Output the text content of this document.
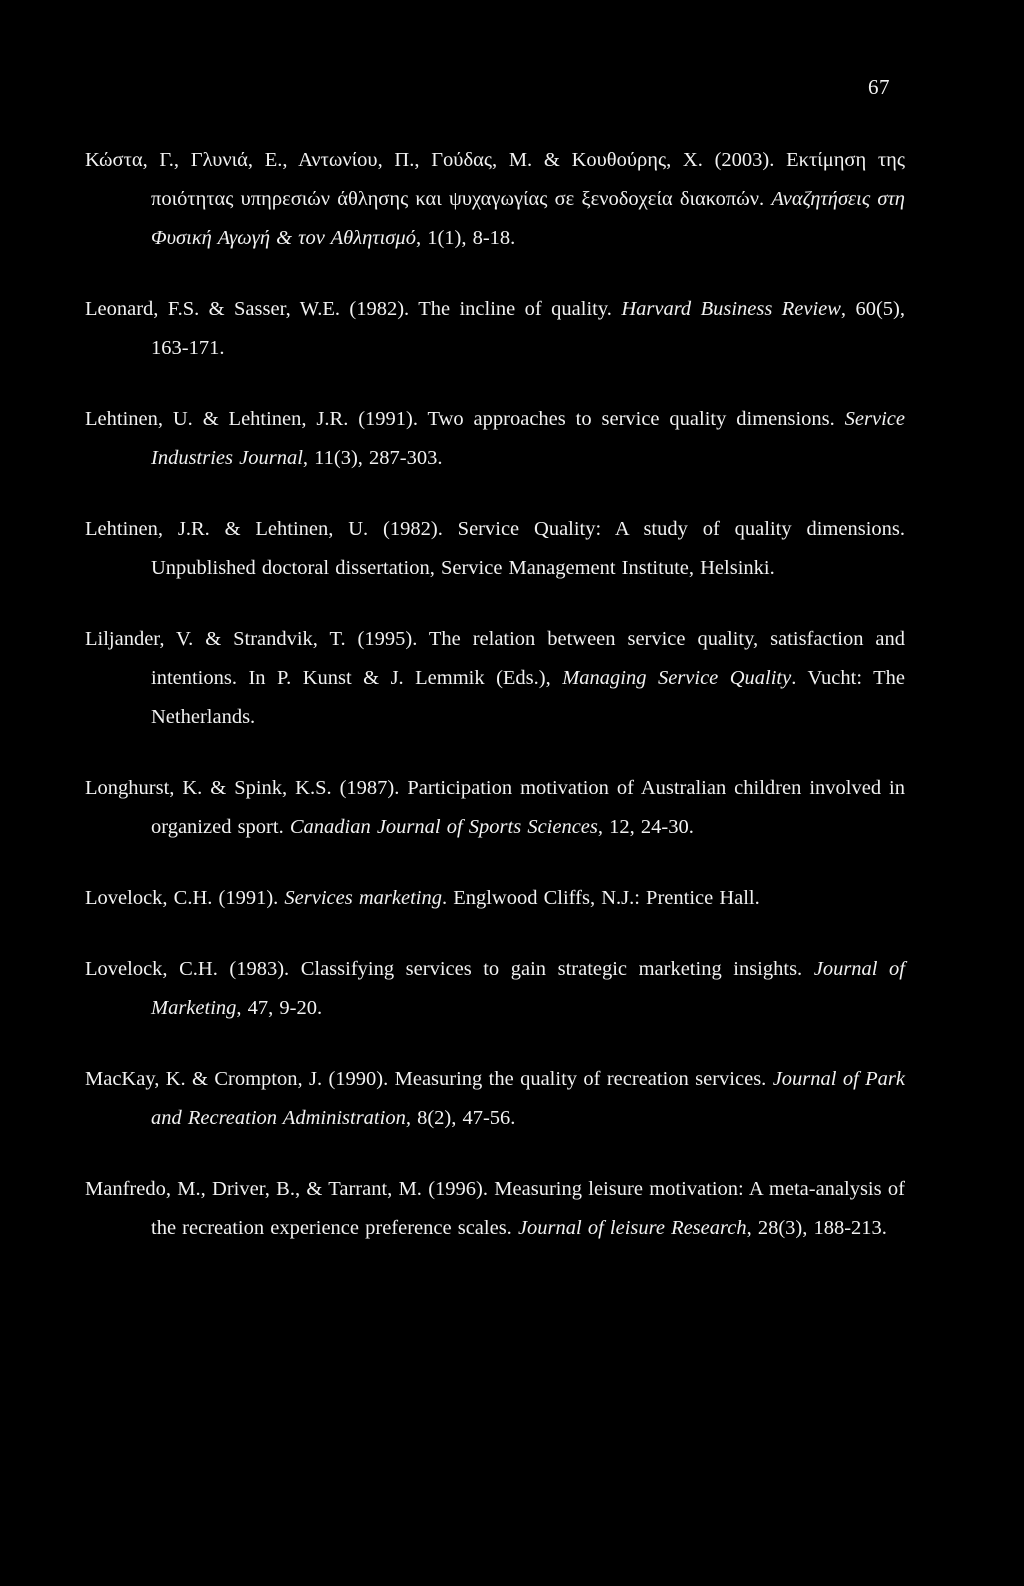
67

Κώστα, Γ., Γλυνιά, Ε., Αντωνίου, Π., Γούδας, Μ. & Κουθούρης, Χ. (2003). Εκτίμηση της ποιότητας υπηρεσιών άθλησης και ψυχαγωγίας σε ξενοδοχεία διακοπών. Αναζητήσεις στη Φυσική Αγωγή & τον Αθλητισμό, 1(1), 8-18.

Leonard, F.S. & Sasser, W.E. (1982). The incline of quality. Harvard Business Review, 60(5), 163-171.

Lehtinen, U. & Lehtinen, J.R. (1991). Two approaches to service quality dimensions. Service Industries Journal, 11(3), 287-303.

Lehtinen, J.R. & Lehtinen, U. (1982). Service Quality: A study of quality dimensions. Unpublished doctoral dissertation, Service Management Institute, Helsinki.

Liljander, V. & Strandvik, T. (1995). The relation between service quality, satisfaction and intentions. In P. Kunst & J. Lemmik (Eds.), Managing Service Quality. Vucht: The Netherlands.

Longhurst, K. & Spink, K.S. (1987). Participation motivation of Australian children involved in organized sport. Canadian Journal of Sports Sciences, 12, 24-30.

Lovelock, C.H. (1991). Services marketing. Englwood Cliffs, N.J.: Prentice Hall.

Lovelock, C.H. (1983). Classifying services to gain strategic marketing insights. Journal of Marketing, 47, 9-20.

MacKay, K. & Crompton, J. (1990). Measuring the quality of recreation services. Journal of Park and Recreation Administration, 8(2), 47-56.

Manfredo, M., Driver, B., & Tarrant, M. (1996). Measuring leisure motivation: A meta-analysis of the recreation experience preference scales. Journal of leisure Research, 28(3), 188-213.
